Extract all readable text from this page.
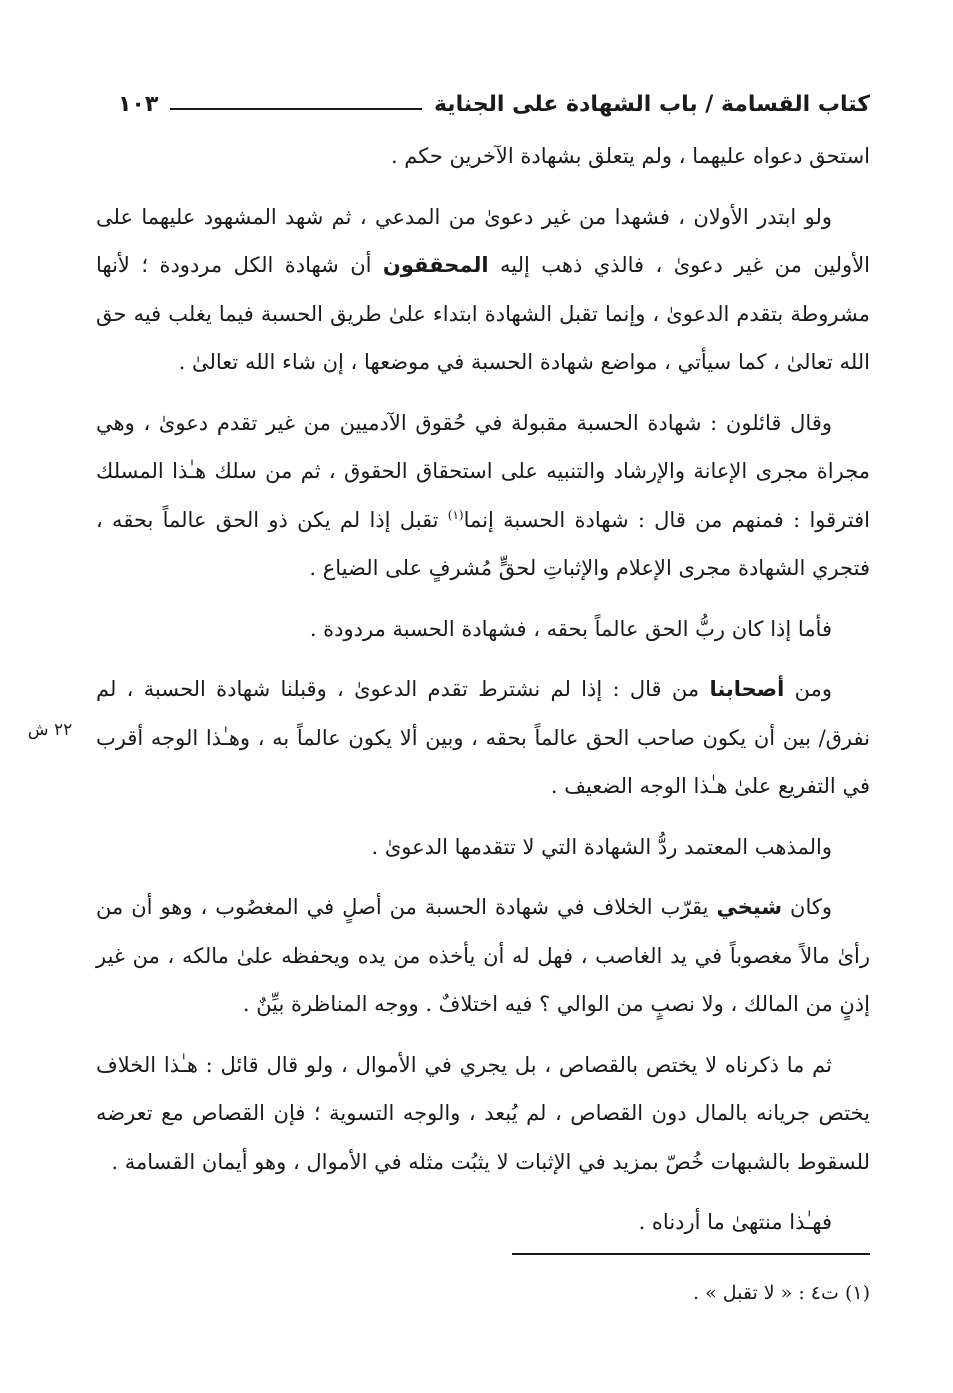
كتاب القسامة / باب الشهادة على الجناية
١٠٣

استحق دعواه عليهما ، ولم يتعلق بشهادة الآخرين حكم .

ولو ابتدر الأولان ، فشهدا من غير دعوىٰ من المدعي ، ثم شهد المشهود عليهما على الأولين من غير دعوىٰ ، فالذي ذهب إليه المحققون أن شهادة الكل مردودة ؛ لأنها مشروطة بتقدم الدعوىٰ ، وإنما تقبل الشهادة ابتداء علىٰ طريق الحسبة فيما يغلب فيه حق الله تعالىٰ ، كما سيأتي ، مواضع شهادة الحسبة في موضعها ، إن شاء الله تعالىٰ .

وقال قائلون : شهادة الحسبة مقبولة في حُقوق الآدميين من غير تقدم دعوىٰ ، وهي مجراة مجرى الإعانة والإرشاد والتنبيه على استحقاق الحقوق ، ثم من سلك هـٰذا المسلك افترقوا : فمنهم من قال : شهادة الحسبة إنما$^{(١)}$ تقبل إذا لم يكن ذو الحق عالماً بحقه ، فتجري الشهادة مجرى الإعلام والإثباتِ لحقٍّ مُشرفٍ على الضياع .

فأما إذا كان ربُّ الحق عالماً بحقه ، فشهادة الحسبة مردودة .

ومن أصحابنا من قال : إذا لم نشترط تقدم الدعوىٰ ، وقبلنا شهادة الحسبة ، لم نفرق/ بين أن يكون صاحب الحق عالماً بحقه ، وبين ألا يكون عالماً به ، وهـٰذا الوجه أقرب في التفريع علىٰ هـٰذا الوجه الضعيف .

والمذهب المعتمد ردُّ الشهادة التي لا تتقدمها الدعوىٰ .

وكان شيخي يقرّب الخلاف في شهادة الحسبة من أصلٍ في المغصُوب ، وهو أن من رأىٰ مالاً مغصوباً في يد الغاصب ، فهل له أن يأخذه من يده ويحفظه علىٰ مالكه ، من غير إذنٍ من المالك ، ولا نصبٍ من الوالي ؟ فيه اختلافٌ . ووجه المناظرة بيِّنٌ .

ثم ما ذكرناه لا يختص بالقصاص ، بل يجري في الأموال ، ولو قال قائل : هـٰذا الخلاف يختص جريانه بالمال دون القصاص ، لم يُبعد ، والوجه التسوية ؛ فإن القصاص مع تعرضه للسقوط بالشبهات خُصّ بمزيد في الإثبات لا يثبُت مثله في الأموال ، وهو أيمان القسامة .

فهـٰذا منتهىٰ ما أردناه .

٢٢ ش
(١) ت٤ : « لا تقبل » .
